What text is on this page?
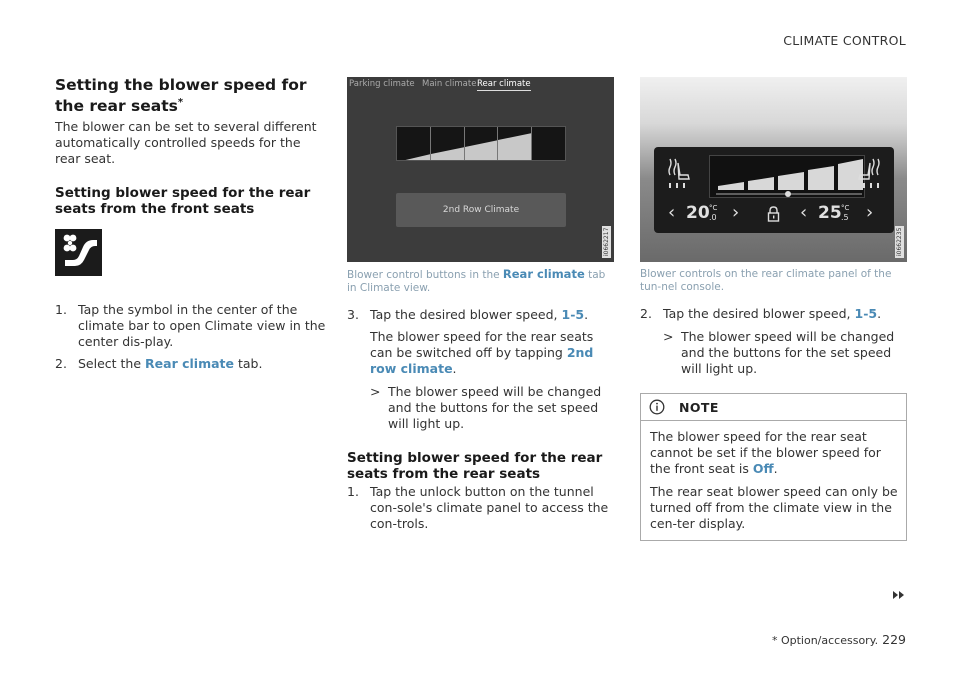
CLIMATE CONTROL
Setting the blower speed for the rear seats*

The blower can be set to several different automatically controlled speeds for the rear seat.

Setting blower speed for the rear seats from the front seats
1. Tap the symbol in the center of the climate bar to open Climate view in the center dis-play.
2. Select the Rear climate tab.
Parking climate Main climate Rear climate
2nd Row Climate
i0662217

Blower control buttons in the Rear climate tab in Climate view.

3. Tap the desired blower speed, 1-5.

The blower speed for the rear seats can be switched off by tapping 2nd row climate.

> The blower speed will be changed and the buttons for the set speed will light up.
Setting blower speed for the rear seats from the rear seats
1. Tap the unlock button on the tunnel con-sole's climate panel to access the con-trols.
‹ 20 °C
.0 ›	‹ 25 °C
.5 ›
i0662235

Blower controls on the rear climate panel of the tun-nel console.

2. Tap the desired blower speed, 1-5.
> The blower speed will be changed and the buttons for the set speed will light up.
NOTE

The blower speed for the rear seat cannot be set if the blower speed for the front seat is Off.

The rear seat blower speed can only be turned off from the climate view in the cen-ter display.

* Option/accessory. 229
